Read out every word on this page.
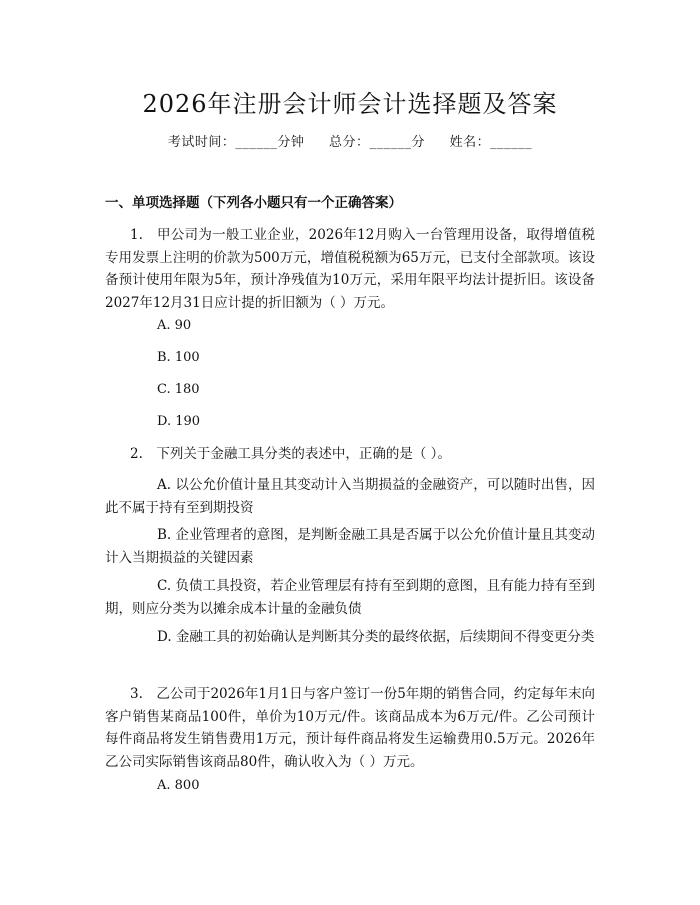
2026年注册会计师会计选择题及答案
考试时间：______分钟 总分：______分 姓名：______
一、单项选择题（下列各小题只有一个正确答案）
1.　甲公司为一般工业企业，2026年12月购入一台管理用设备，取得增值税专用发票上注明的价款为500万元，增值税税额为65万元，已支付全部款项。该设备预计使用年限为5年，预计净残值为10万元，采用年限平均法计提折旧。该设备2027年12月31日应计提的折旧额为（ ）万元。
A. 90
B. 100
C. 180
D. 190
2.　下列关于金融工具分类的表述中，正确的是（ ）。
A. 以公允价值计量且其变动计入当期损益的金融资产，可以随时出售，因此不属于持有至到期投资
B. 企业管理者的意图，是判断金融工具是否属于以公允价值计量且其变动计入当期损益的关键因素
C. 负债工具投资，若企业管理层有持有至到期的意图，且有能力持有至到期，则应分类为以摊余成本计量的金融负债
D. 金融工具的初始确认是判断其分类的最终依据，后续期间不得变更分类
3.　乙公司于2026年1月1日与客户签订一份5年期的销售合同，约定每年末向客户销售某商品100件，单价为10万元/件。该商品成本为6万元/件。乙公司预计每件商品将发生销售费用1万元，预计每件商品将发生运输费用0.5万元。2026年乙公司实际销售该商品80件，确认收入为（ ）万元。
A. 800
